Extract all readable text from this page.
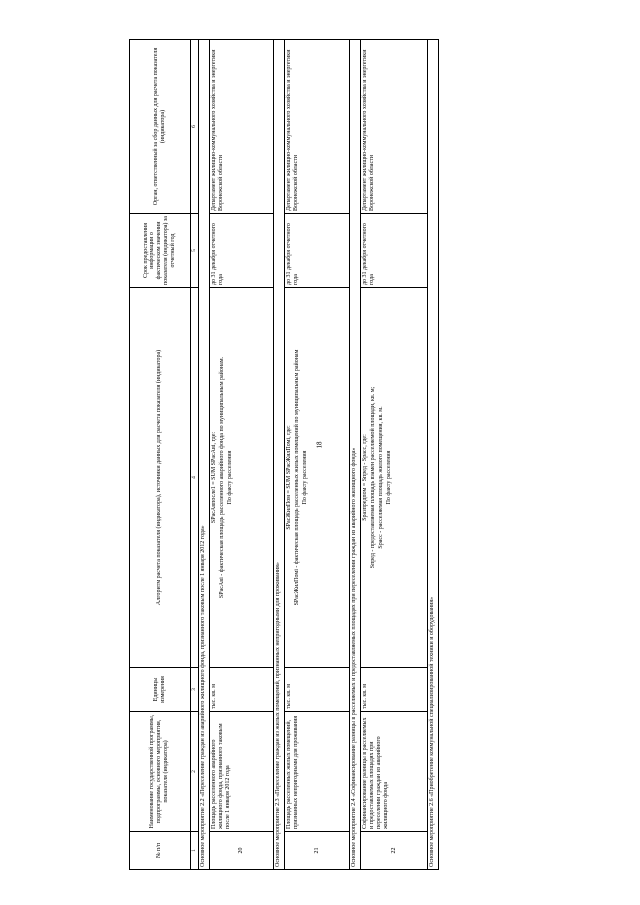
18
№ п/п	Наименование государственной программы, подпрограммы, основного мероприятия, показателя (индикатора)	Единицы измерения	Алгоритм расчета показателя (индикатора), источники данных для расчета показателя (индикатора)	Срок предоставления информации о фактическом значении показателя (индикатора) за отчетный год	Орган, ответственный за сбор данных для расчета показателя (индикатора)
1	2	3	4	5	6
Основное мероприятие 2.2 «Переселение граждан из аварийного жилищного фонда, признанного таковым после 1 января 2012 года»					
20	Площадь расселенного аварийного жилищного фонда, признанного таковым после 1 января 2012 года	тыс. кв. м	SРасАвпосле1 = SUM SРасАвi, где: SРасАвi - фактическая площадь расселенного аварийного фонда по муниципальным районам. По факту расселения	до 31 декабря отчетного года	Департамент жилищно-коммунального хозяйства и энергетики Воронежской области
Основное мероприятие 2.3 «Переселение граждан из жилых помещений, признанных непригодными для проживания»					
21	Площадь расселенных жилых помещений, признанных непригодными для проживания	тыс. кв. м	SРасЖилПом = SUM SРасЖилПомi, где: SРасЖилПомi - фактическая площадь расселенных жилых помещений по муниципальным районам По факту расселения	до 31 декабря отчетного года	Департамент жилищно-коммунального хозяйства и энергетики Воронежской области
Основное мероприятие 2.4 «Софинансирование разницы в расселяемых и предоставляемых площадях при переселении граждан из аварийного жилищного фонда»					
22	Софинансирование разницы в расселяемых и предоставляемых площадях при переселении граждан из аварийного жилищного фонда	тыс. кв. м	Sразпредпом = Sпред - Sрасс, где: Sпред - предоставляемая площадь взамен расселяемой площади, кв. м; Sрасс - расселяемая площадь жилого помещения, кв. м. По факту расселения	до 31 декабря отчетного года	Департамент жилищно-коммунального хозяйства и энергетики Воронежской области
Основное мероприятие 2.6 «Приобретение коммунальной специализированной техники и оборудования»					
